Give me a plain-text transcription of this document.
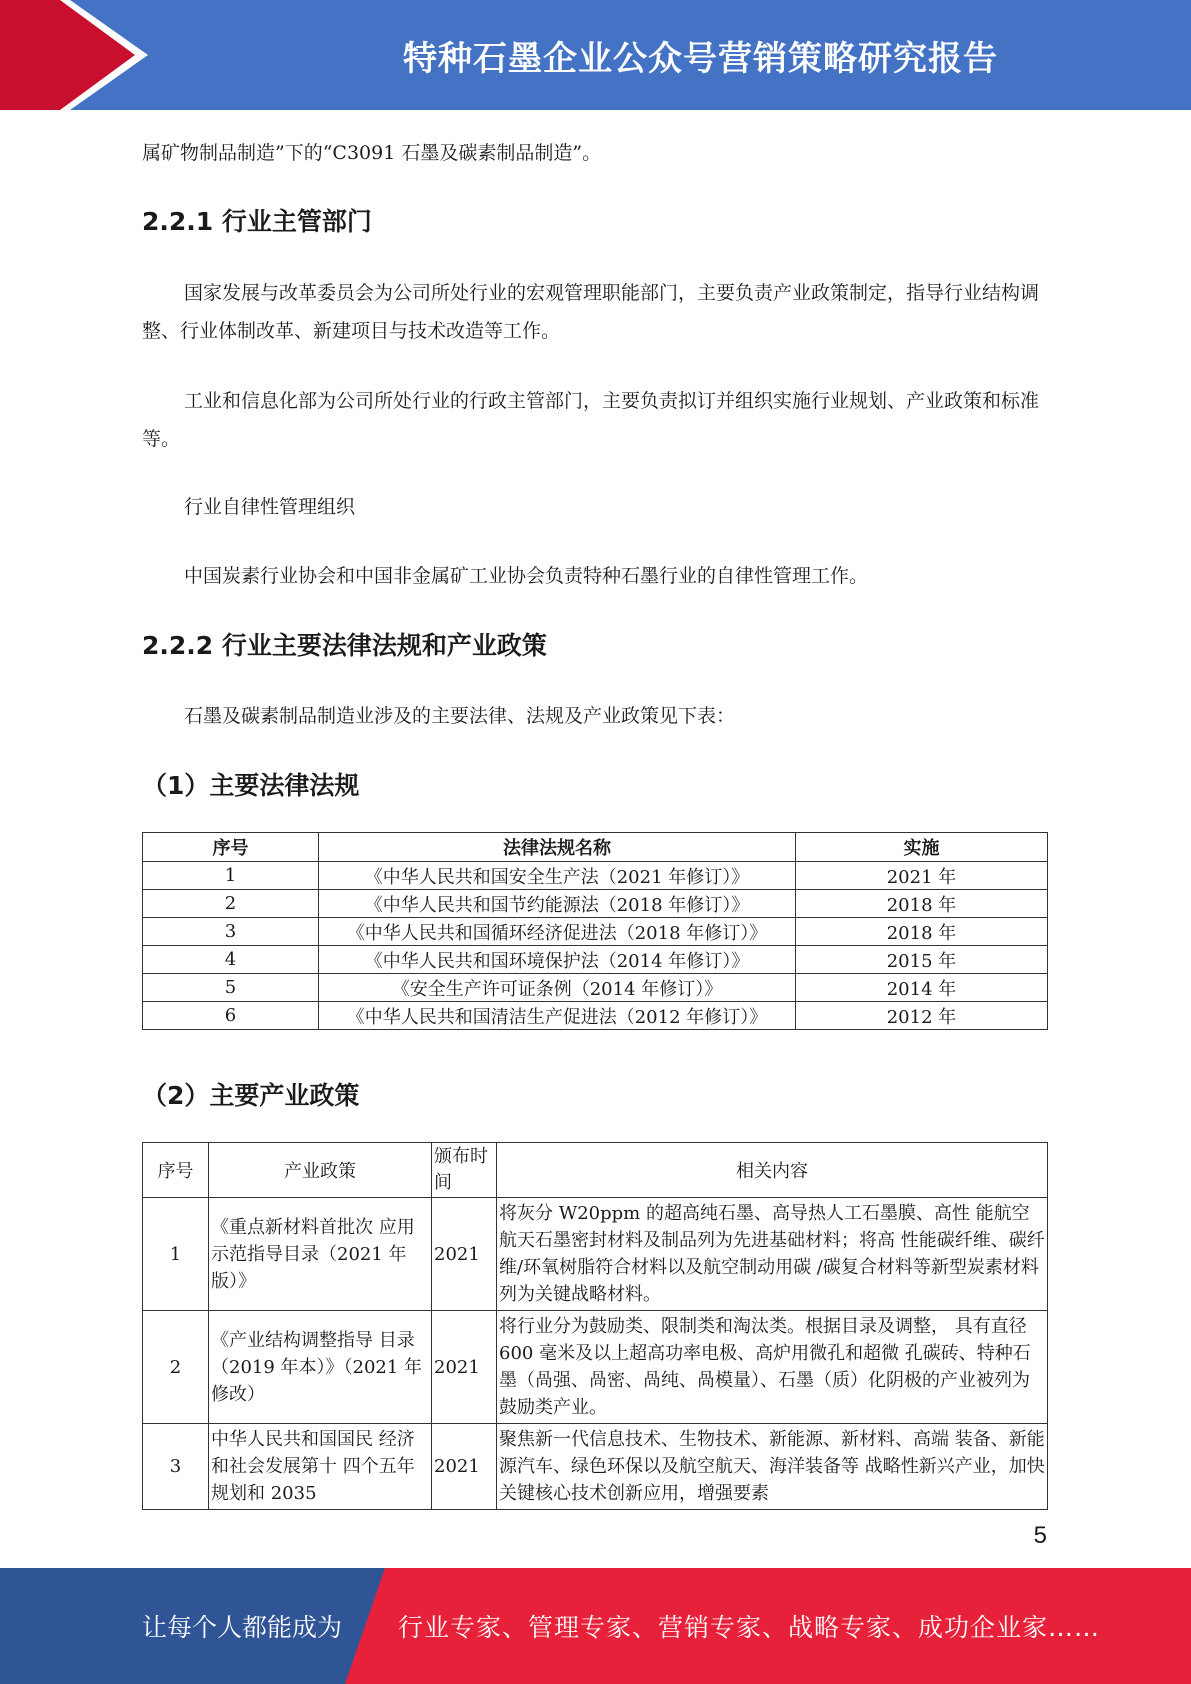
特种石墨企业公众号营销策略研究报告
属矿物制品制造”下的“C3091 石墨及碳素制品制造”。
2.2.1 行业主管部门
国家发展与改革委员会为公司所处行业的宏观管理职能部门，主要负责产业政策制定，指导行业结构调整、行业体制改革、新建项目与技术改造等工作。
工业和信息化部为公司所处行业的行政主管部门，主要负责拟订并组织实施行业规划、产业政策和标准等。
行业自律性管理组织
中国炭素行业协会和中国非金属矿工业协会负责特种石墨行业的自律性管理工作。
2.2.2 行业主要法律法规和产业政策
石墨及碳素制品制造业涉及的主要法律、法规及产业政策见下表：
（1）主要法律法规
序号	法律法规名称	实施
1	《中华人民共和国安全生产法（2021 年修订）》	2021 年
2	《中华人民共和国节约能源法（2018 年修订）》	2018 年
3	《中华人民共和国循环经济促进法（2018 年修订）》	2018 年
4	《中华人民共和国环境保护法（2014 年修订）》	2015 年
5	《安全生产许可证条例（2014 年修订）》	2014 年
6	《中华人民共和国清洁生产促进法（2012 年修订）》	2012 年
（2）主要产业政策
序号	产业政策	颁布时间	相关内容
1	《重点新材料首批次 应用示范指导目录（2021 年版）》	2021	将灰分 W20ppm 的超高纯石墨、高导热人工石墨膜、高性 能航空航天石墨密封材料及制品列为先进基础材料；将高 性能碳纤维、碳纤维/环氧树脂符合材料以及航空制动用碳 /碳复合材料等新型炭素材料列为关键战略材料。
2	《产业结构调整指导 目录（2019 年本）》（2021 年修改）	2021	将行业分为鼓励类、限制类和淘汰类。根据目录及调整， 具有直径 600 毫米及以上超高功率电极、高炉用微孔和超微 孔碳砖、特种石墨（咼强、咼密、咼纯、咼模量）、石墨（质）化阴极的产业被列为鼓励类产业。
3	中华人民共和国国民 经济和社会发展第十 四个五年规划和 2035	2021	聚焦新一代信息技术、生物技术、新能源、新材料、高端 装备、新能源汽车、绿色环保以及航空航天、海洋装备等 战略性新兴产业，加快关键核心技术创新应用，增强要素
5
让每个人都能成为 行业专家、管理专家、营销专家、战略专家、成功企业家……
